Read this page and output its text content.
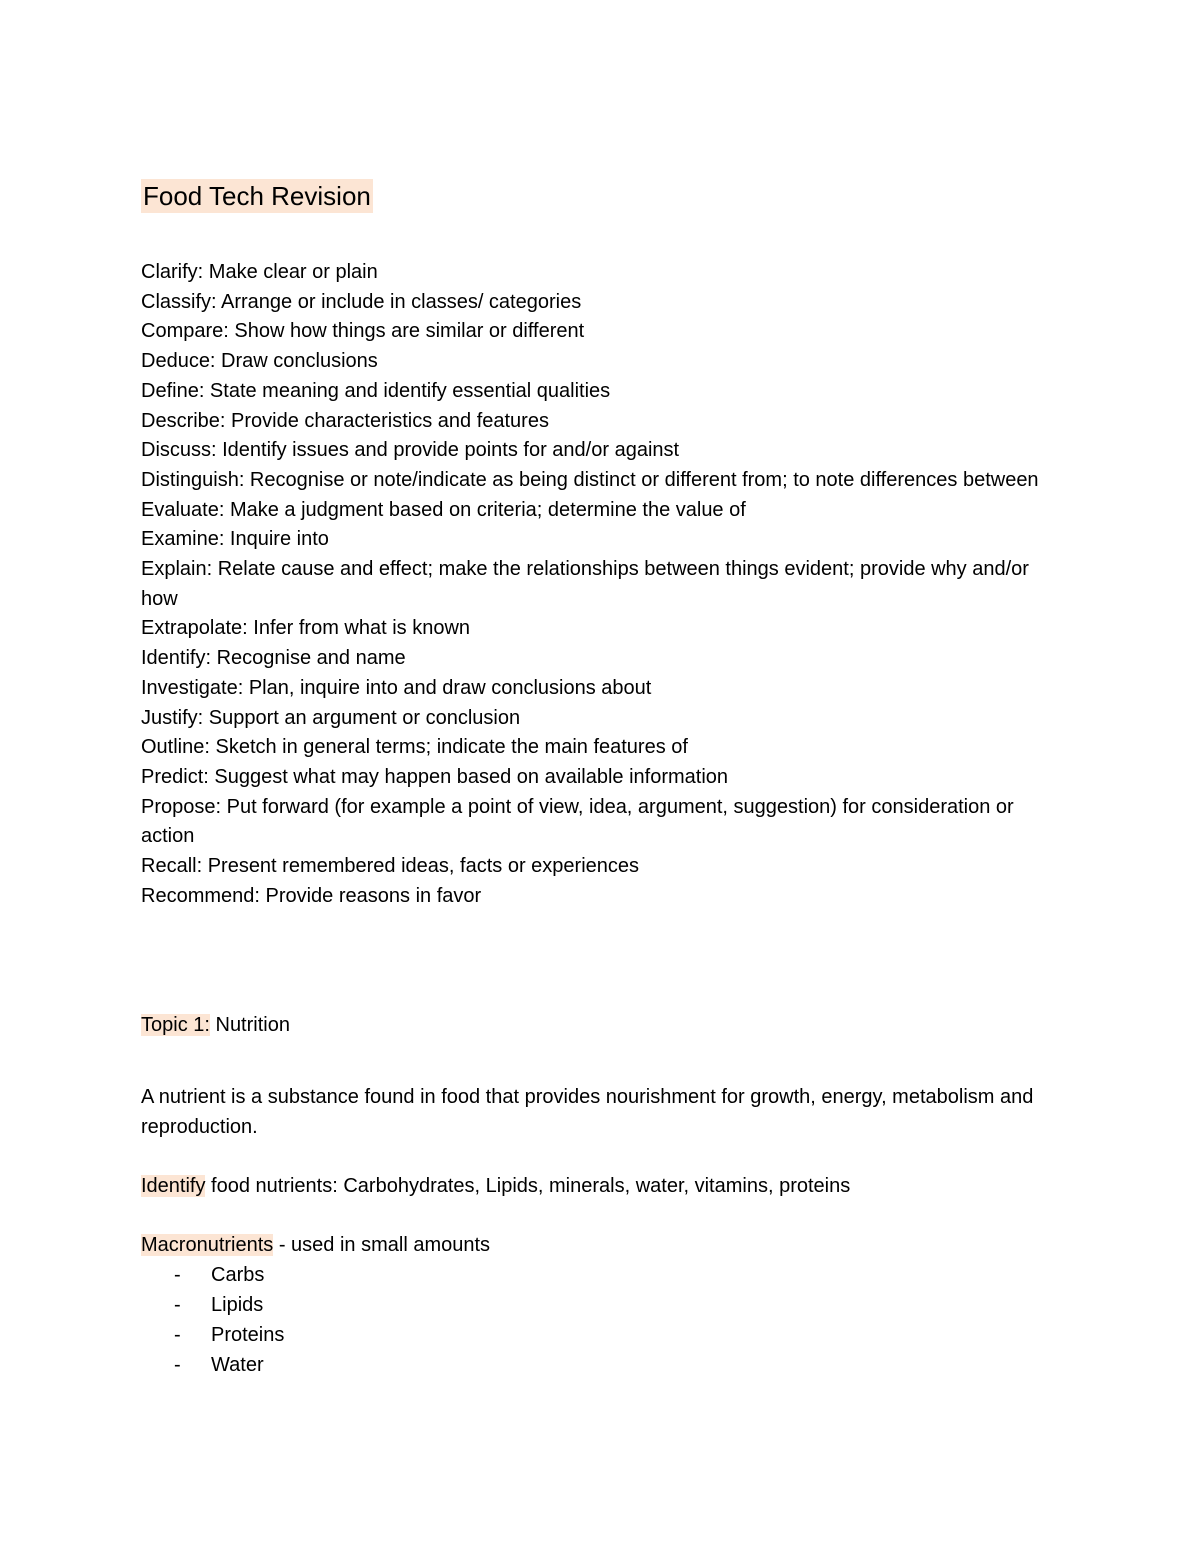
Food Tech Revision
Clarify: Make clear or plain
Classify: Arrange or include in classes/ categories
Compare: Show how things are similar or different
Deduce: Draw conclusions
Define: State meaning and identify essential qualities
Describe: Provide characteristics and features
Discuss: Identify issues and provide points for and/or against
Distinguish: Recognise or note/indicate as being distinct or different from; to note differences between
Evaluate: Make a judgment based on criteria; determine the value of
Examine: Inquire into
Explain: Relate cause and effect; make the relationships between things evident; provide why and/or how
Extrapolate: Infer from what is known
Identify: Recognise and name
Investigate: Plan, inquire into and draw conclusions about
Justify: Support an argument or conclusion
Outline: Sketch in general terms; indicate the main features of
Predict: Suggest what may happen based on available information
Propose: Put forward (for example a point of view, idea, argument, suggestion) for consideration or action
Recall: Present remembered ideas, facts or experiences
Recommend: Provide reasons in favor
Topic 1: Nutrition
A nutrient is a substance found in food that provides nourishment for growth, energy, metabolism and reproduction.
Identify food nutrients: Carbohydrates, Lipids, minerals, water, vitamins, proteins
Macronutrients - used in small amounts
- Carbs
- Lipids
- Proteins
- Water
